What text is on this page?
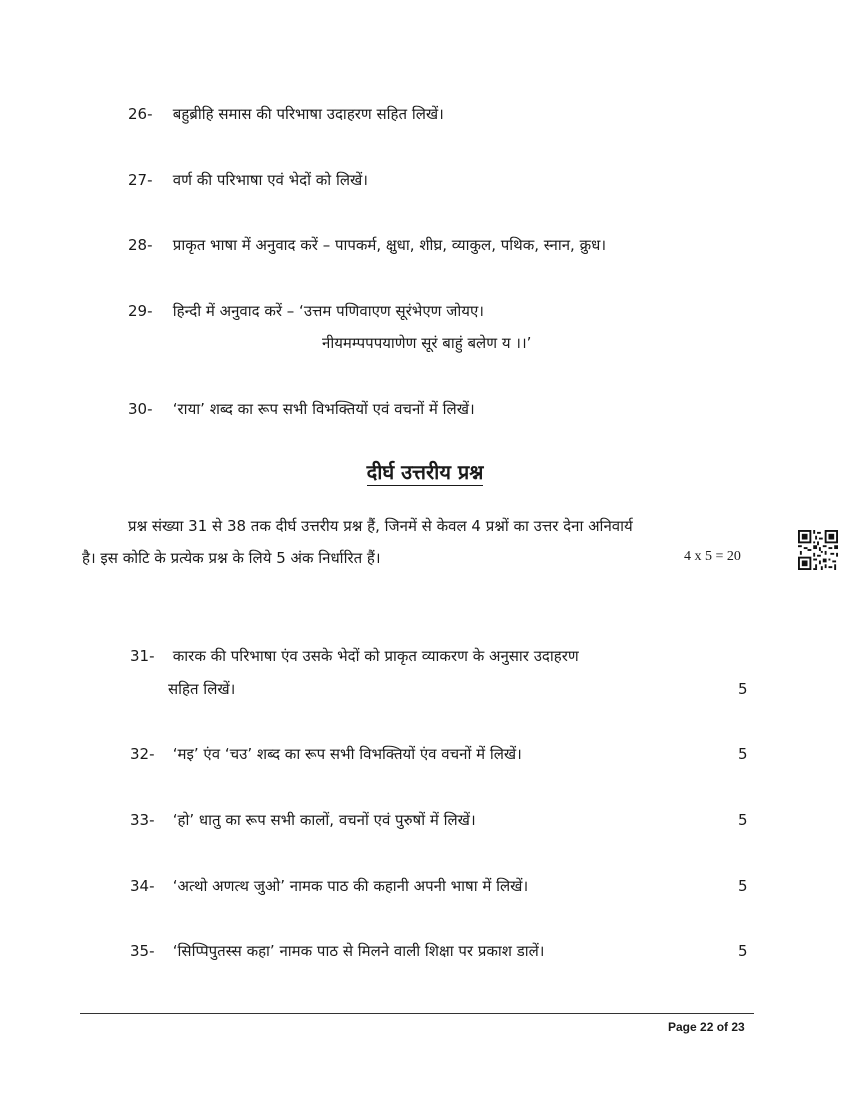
26- बहुब्रीहि समास की परिभाषा उदाहरण सहित लिखें।
27- वर्ण की परिभाषा एवं भेदों को लिखें।
28- प्राकृत भाषा में अनुवाद करें – पापकर्म, क्षुधा, शीघ्र, व्याकुल, पथिक, स्नान, क्रुध।
29- हिन्दी में अनुवाद करें – ‘उत्तम पणिवाएण सूरंभेएण जोयए।
नीयमम्पपपयाणेण सूरं बाहुं बलेण य ।।’
30- ‘राया’ शब्द का रूप सभी विभक्तियों एवं वचनों में लिखें।
दीर्घ उत्तरीय प्रश्न
प्रश्न संख्या 31 से 38 तक दीर्घ उत्तरीय प्रश्न हैं, जिनमें से केवल 4 प्रश्नों का उत्तर देना अनिवार्य
है। इस कोटि के प्रत्येक प्रश्न के लिये 5 अंक निर्धारित हैं।	4 x 5 = 20
31- कारक की परिभाषा एंव उसके भेदों को प्राकृत व्याकरण के अनुसार उदाहरण
सहित लिखें।	5
32- ‘मइ’ एंव ‘चउ’ शब्द का रूप सभी विभक्तियों एंव वचनों में लिखें।	5
33- ‘हो’ धातु का रूप सभी कालों, वचनों एवं पुरुषों में लिखें।	5
34- ‘अत्थो अणत्थ जुओ’ नामक पाठ की कहानी अपनी भाषा में लिखें।	5
35- ‘सिप्पिपुतस्स कहा’ नामक पाठ से मिलने वाली शिक्षा पर प्रकाश डालें।	5
Page 22 of 23
